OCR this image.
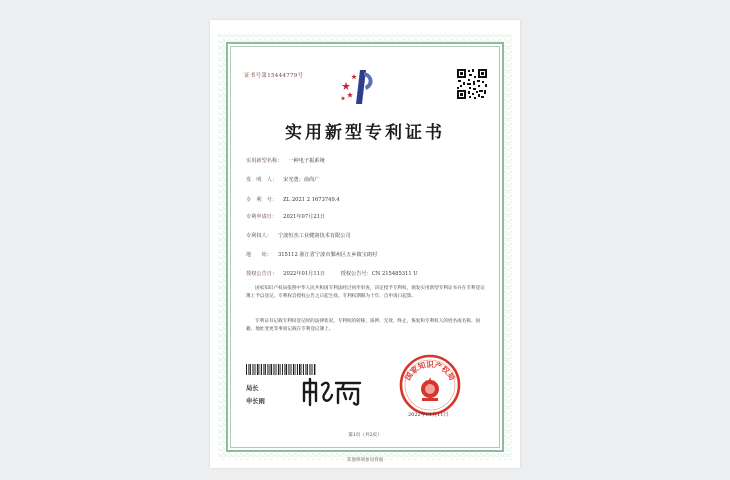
证书号第15444779号
实用新型专利证书
实用新型名称： 一种电子振系统
发　明　人： 宋光勇；俞尚广
专　利　号： ZL 2021 2 1673749.4
专利申请日： 2021年07月21日
专利权人： 宁波恒杰工业健润技术有限公司
地　　址： 315112 浙江省宁波市鄞州区五乡镇宝朗村
授权公告日： 2022年01月11日　　　授权公告号：CN 215485311 U
国家知识产权局依照中华人民共和国专利法经过初步审查，决定授予专利权，颁发实用新型专利证书并在专利登记簿上予以登记。专利权自授权公告之日起生效。专利权期限为十年，自申请日起算。
专利证书记载专利权登记时的法律状况。专利权的转移、质押、无效、终止、恢复和专利权人的姓名或名称、国籍、地址变更等事项记载在专利登记簿上。
局长
申长雨
国家知识产权局
2022年01月11日
第1页（共2页）
其他事项参见背面
